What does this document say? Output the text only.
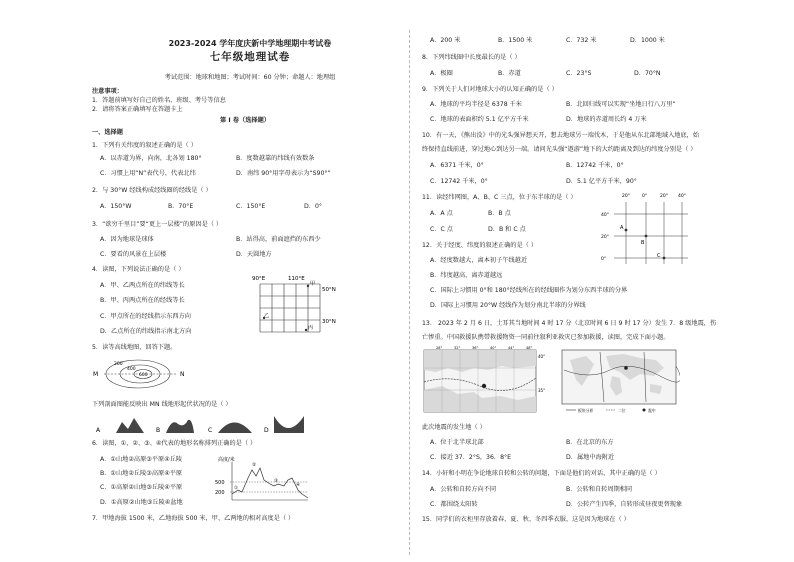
2023-2024 学年度庆新中学地理期中考试卷
七年级地理试卷
考试范围：地球和地图；考试时间：60 分钟；命题人：地理组
注意事项：
1．答题前填写好自己的姓名、班级、考号等信息
2．请将答案正确填写在答题卡上
第 I 卷（选择题）
一、选择题
1．下列有关纬度的叙述正确的是（ ）
A．以赤道为界，向南，北各划 180°	B．度数越靠的纬线有效数条
C．习惯上用“N”表代号，代表北纬	D．南纬 90°用字母表示为“S90°”
2．与 30°W 经线构成经线圈的经线是（ ）
A．150°W	B．70°E	C．150°E	D．0°
3．“欲穷千里目”要“更上一层楼”的原因是（ ）
A．因为地球是球体	B．站得高，前面遮挡的东西少
C．要看的风景在上层楼	D．天圆地方
4．读图，下列说法正确的是（ ）
A．甲、乙两点所在的纬线等长
B．甲、丙两点所在的经线等长
C．甲点所在的经线指示东西方向
D．乙点所在的纬线指示南北方向
90°E	110°E
50°N
30°N
甲
乙
丙
5．读等高线地图，回答下题。
M	N
200
400
600
下列剖面图能反映出 MN 线地形起伏状况的是（ ）
A	B	C	D
6．读图，①、②、③、④代表的地形名称排列正确的是（ ）
A．①山地②高原③平原④丘陵
B．①山地②丘陵③高原④平原
C．①高原②山地③丘陵④平原
D．①高原②山地③丘陵④盆地
高度/米
500
200
①
②
③
④
7．甲地海拔 1500 米，乙地海拔 500 米，甲、乙两地的相对高度是（ ）
A．200 米	B．1500 米	C．732 米	D．1000 米
8．下列纬线圈中长度最长的是（ ）
A．极圈	B．赤道	C．23°S	D．70°N
9．下列关于人们对地球大小的认知正确的是（ ）
A．地球的平均半径是 6378 千米	B．北回归线可以实现“坐地日行八万里”
C．地球的表面积约 5.1 亿平方千米	D．地球的赤道周长约 4 万米
10．有一天，《熊出没》中的光头强异想天开，想去地球另一端伐木，于是他从东北部地域入地底，始
终保持直线前进，穿过地心到达另一端。请问光头强“遨游”地下的大约距离及到达的纬度分别是（ ）
A．6371 千米，0°	B．12742 千米，0°
C．12742 千米，0°	D．5.1 亿平方千米，90°
11．读经纬网图，A、B、C 三点，位于东半球的是（ ）
A．A 点	B．B 点
C．C 点	D．B 和 C 点
20°	0°	20° 40°
40°
20°
0°
A
B
C
12．关于经度、纬度的叙述正确的是（ ）
A．经度数越大，离本初子午线越近
B．纬度越高，离赤道越远
C．国际上习惯用 0°和 180°经线所在的经线圈作为划分东西半球的分界
D．国际上习惯用 20°W 经线作为划分南北半球的分界线
13． 2023 年 2 月 6 日，土耳其当地时间 4 时 17 分（北京时间 6 日 9 时 17 分）发生 7．8 级地震，伤
亡惨重。中国救援队携带救援物资一同前往叙利亚救灾已参加救援，读图，完成下面小题。
40°
35°
28°	32°	36°	40°	44°	48°
板块分界	二位	震中
此次地震的发生地（ ）
A．位于北半球北部	B．在北京的东方
C．接近 37．2°S，36．8°E	D．属地中海附近
14．小轩和小明在争论地球自转和公转的问题，下面是他们的对话，其中正确的是（ ）
A．公转和自转方向不同	B．公转和自转周期相同
C．都围绕太阳转	D．公转产生四季，自转形成昼夜更替现象
15．同学们的衣柜里存放着春、夏、秋、冬四季衣服，这是因为地球在（ ）
